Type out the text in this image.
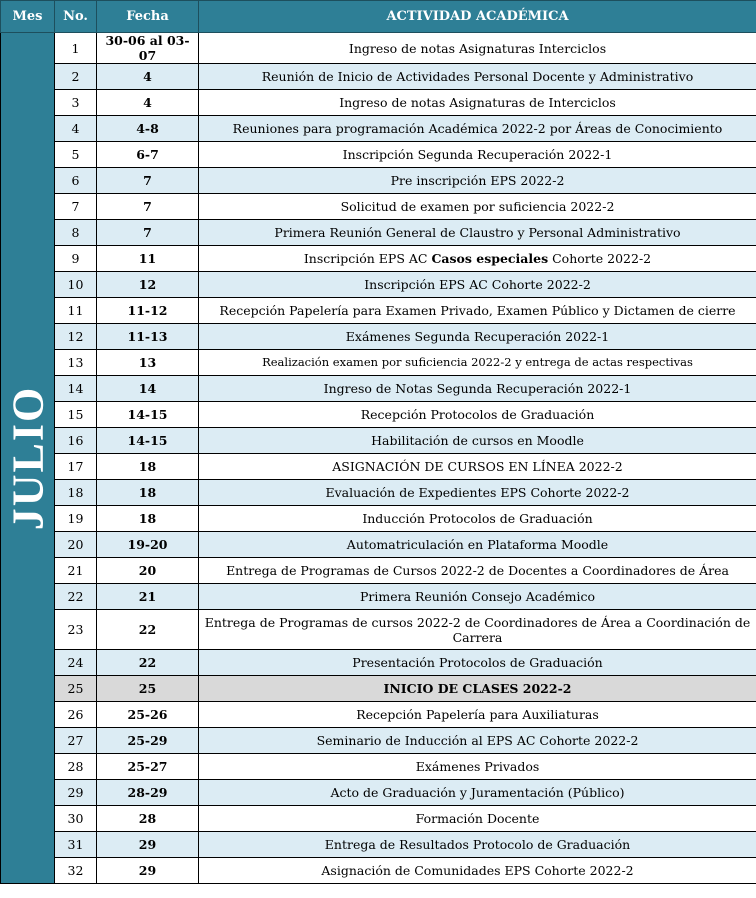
Mes	No.	Fecha	ACTIVIDAD ACADÉMICA

JULIO	1	30-06 al 03-07	Ingreso de notas Asignaturas Interciclos
	2	4	Reunión de Inicio de Actividades Personal Docente y Administrativo
	3	4	Ingreso de notas Asignaturas de Interciclos
	4	4-8	Reuniones para programación Académica 2022-2 por Áreas de Conocimiento
	5	6-7	Inscripción Segunda Recuperación 2022-1
	6	7	Pre inscripción EPS 2022-2
	7	7	Solicitud de examen por suficiencia 2022-2
	8	7	Primera Reunión General de Claustro y Personal Administrativo
	9	11	Inscripción EPS AC Casos especiales Cohorte 2022-2
	10	12	Inscripción EPS AC Cohorte 2022-2
	11	11-12	Recepción Papelería para Examen Privado, Examen Público y Dictamen de cierre
	12	11-13	Exámenes Segunda Recuperación 2022-1
	13	13	Realización examen por suficiencia 2022-2 y entrega de actas respectivas
	14	14	Ingreso de Notas Segunda Recuperación 2022-1
	15	14-15	Recepción Protocolos de Graduación
	16	14-15	Habilitación de cursos en Moodle
	17	18	ASIGNACIÓN DE CURSOS EN LÍNEA 2022-2
	18	18	Evaluación de Expedientes EPS Cohorte 2022-2
	19	18	Inducción Protocolos de Graduación
	20	19-20	Automatriculación en Plataforma Moodle
	21	20	Entrega de Programas de Cursos 2022-2 de Docentes a Coordinadores de Área
	22	21	Primera Reunión Consejo Académico
	23	22	Entrega de Programas de cursos 2022-2 de Coordinadores de Área a Coordinación de Carrera
	24	22	Presentación Protocolos de Graduación
	25	25	INICIO DE CLASES 2022-2
	26	25-26	Recepción Papelería para Auxiliaturas
	27	25-29	Seminario de Inducción al EPS AC Cohorte 2022-2
	28	25-27	Exámenes Privados
	29	28-29	Acto de Graduación y Juramentación (Público)
	30	28	Formación Docente
	31	29	Entrega de Resultados Protocolo de Graduación
	32	29	Asignación de Comunidades EPS Cohorte 2022-2
